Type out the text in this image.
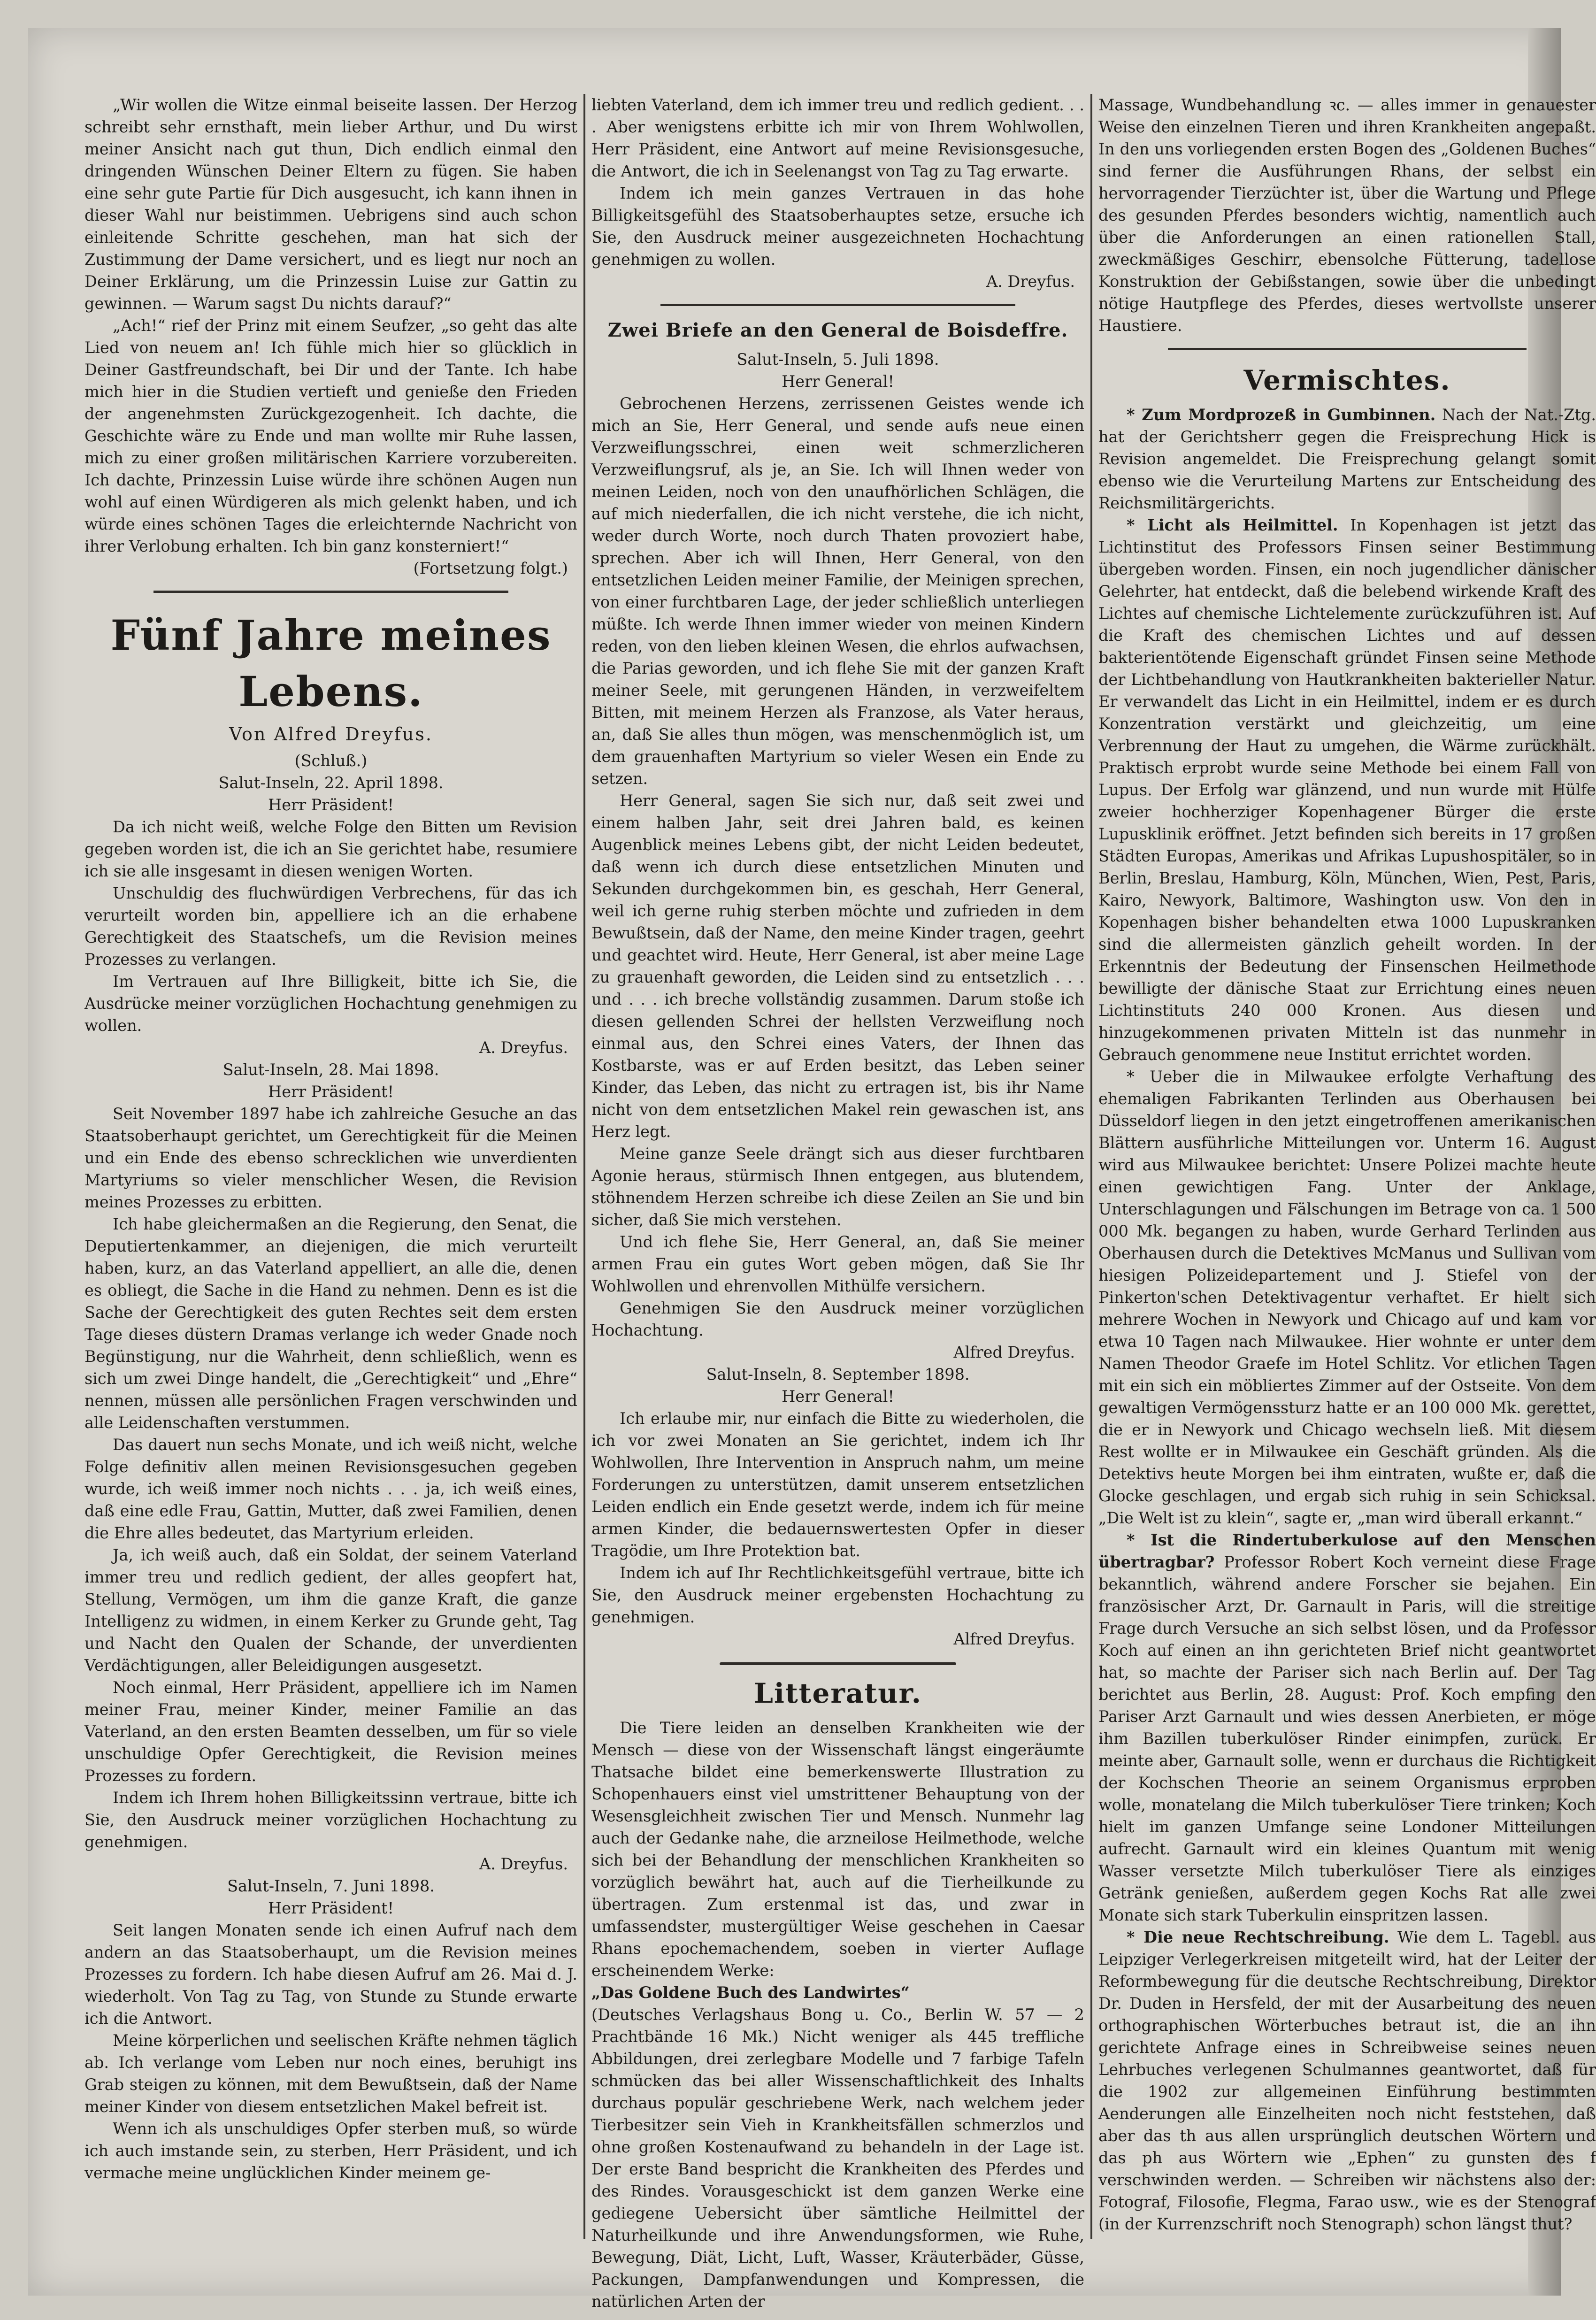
„Wir wollen die Witze einmal beiseite lassen. Der Herzog schreibt sehr ernsthaft, mein lieber Arthur, und Du wirst meiner Ansicht nach gut thun, Dich endlich einmal den dringenden Wünschen Deiner Eltern zu fügen. Sie haben eine sehr gute Partie für Dich ausgesucht, ich kann ihnen in dieser Wahl nur beistimmen. Uebrigens sind auch schon einleitende Schritte geschehen, man hat sich der Zustimmung der Dame versichert, und es liegt nur noch an Deiner Erklärung, um die Prinzessin Luise zur Gattin zu gewinnen. — Warum sagst Du nichts darauf?“

„Ach!“ rief der Prinz mit einem Seufzer, „so geht das alte Lied von neuem an! Ich fühle mich hier so glücklich in Deiner Gastfreundschaft, bei Dir und der Tante. Ich habe mich hier in die Studien vertieft und genieße den Frieden der angenehmsten Zurückgezogenheit. Ich dachte, die Geschichte wäre zu Ende und man wollte mir Ruhe lassen, mich zu einer großen militärischen Karriere vorzubereiten. Ich dachte, Prinzessin Luise würde ihre schönen Augen nun wohl auf einen Würdigeren als mich gelenkt haben, und ich würde eines schönen Tages die erleichternde Nachricht von ihrer Verlobung erhalten. Ich bin ganz konsterniert!“

(Fortsetzung folgt.)

Fünf Jahre meines Lebens.
Von Alfred Dreyfus.

(Schluß.)

Salut-Inseln, 22. April 1898.

Herr Präsident!

Da ich nicht weiß, welche Folge den Bitten um Revision gegeben worden ist, die ich an Sie gerichtet habe, resumiere ich sie alle insgesamt in diesen wenigen Worten.

Unschuldig des fluchwürdigen Verbrechens, für das ich verurteilt worden bin, appelliere ich an die erhabene Gerechtigkeit des Staatschefs, um die Revision meines Prozesses zu verlangen.

Im Vertrauen auf Ihre Billigkeit, bitte ich Sie, die Ausdrücke meiner vorzüglichen Hochachtung genehmigen zu wollen.

A. Dreyfus.

Salut-Inseln, 28. Mai 1898.

Herr Präsident!

Seit November 1897 habe ich zahlreiche Gesuche an das Staatsoberhaupt gerichtet, um Gerechtigkeit für die Meinen und ein Ende des ebenso schrecklichen wie unverdienten Martyriums so vieler menschlicher Wesen, die Revision meines Prozesses zu erbitten.

Ich habe gleichermaßen an die Regierung, den Senat, die Deputiertenkammer, an diejenigen, die mich verurteilt haben, kurz, an das Vaterland appelliert, an alle die, denen es obliegt, die Sache in die Hand zu nehmen. Denn es ist die Sache der Gerechtigkeit des guten Rechtes seit dem ersten Tage dieses düstern Dramas verlange ich weder Gnade noch Begünstigung, nur die Wahrheit, denn schließlich, wenn es sich um zwei Dinge handelt, die „Gerechtigkeit“ und „Ehre“ nennen, müssen alle persönlichen Fragen verschwinden und alle Leidenschaften verstummen.

Das dauert nun sechs Monate, und ich weiß nicht, welche Folge definitiv allen meinen Revisionsgesuchen gegeben wurde, ich weiß immer noch nichts . . . ja, ich weiß eines, daß eine edle Frau, Gattin, Mutter, daß zwei Familien, denen die Ehre alles bedeutet, das Martyrium erleiden.

Ja, ich weiß auch, daß ein Soldat, der seinem Vaterland immer treu und redlich gedient, der alles geopfert hat, Stellung, Vermögen, um ihm die ganze Kraft, die ganze Intelligenz zu widmen, in einem Kerker zu Grunde geht, Tag und Nacht den Qualen der Schande, der unverdienten Verdächtigungen, aller Beleidigungen ausgesetzt.

Noch einmal, Herr Präsident, appelliere ich im Namen meiner Frau, meiner Kinder, meiner Familie an das Vaterland, an den ersten Beamten desselben, um für so viele unschuldige Opfer Gerechtigkeit, die Revision meines Prozesses zu fordern.

Indem ich Ihrem hohen Billigkeitssinn vertraue, bitte ich Sie, den Ausdruck meiner vorzüglichen Hochachtung zu genehmigen.

A. Dreyfus.

Salut-Inseln, 7. Juni 1898.

Herr Präsident!

Seit langen Monaten sende ich einen Aufruf nach dem andern an das Staatsoberhaupt, um die Revision meines Prozesses zu fordern. Ich habe diesen Aufruf am 26. Mai d. J. wiederholt. Von Tag zu Tag, von Stunde zu Stunde erwarte ich die Antwort.

Meine körperlichen und seelischen Kräfte nehmen täglich ab. Ich verlange vom Leben nur noch eines, beruhigt ins Grab steigen zu können, mit dem Bewußtsein, daß der Name meiner Kinder von diesem entsetzlichen Makel befreit ist.

Wenn ich als unschuldiges Opfer sterben muß, so würde ich auch imstande sein, zu sterben, Herr Präsident, und ich vermache meine unglücklichen Kinder meinem ge-

liebten Vaterland, dem ich immer treu und redlich gedient. . . . Aber wenigstens erbitte ich mir von Ihrem Wohlwollen, Herr Präsident, eine Antwort auf meine Revisionsgesuche, die Antwort, die ich in Seelenangst von Tag zu Tag erwarte.

Indem ich mein ganzes Vertrauen in das hohe Billigkeitsgefühl des Staatsoberhauptes setze, ersuche ich Sie, den Ausdruck meiner ausgezeichneten Hochachtung genehmigen zu wollen.

A. Dreyfus.

Zwei Briefe an den General de Boisdeffre.

Salut-Inseln, 5. Juli 1898.

Herr General!

Gebrochenen Herzens, zerrissenen Geistes wende ich mich an Sie, Herr General, und sende aufs neue einen Verzweiflungsschrei, einen weit schmerzlicheren Verzweiflungsruf, als je, an Sie. Ich will Ihnen weder von meinen Leiden, noch von den unaufhörlichen Schlägen, die auf mich niederfallen, die ich nicht verstehe, die ich nicht, weder durch Worte, noch durch Thaten provoziert habe, sprechen. Aber ich will Ihnen, Herr General, von den entsetzlichen Leiden meiner Familie, der Meinigen sprechen, von einer furchtbaren Lage, der jeder schließlich unterliegen müßte. Ich werde Ihnen immer wieder von meinen Kindern reden, von den lieben kleinen Wesen, die ehrlos aufwachsen, die Parias geworden, und ich flehe Sie mit der ganzen Kraft meiner Seele, mit gerungenen Händen, in verzweifeltem Bitten, mit meinem Herzen als Franzose, als Vater heraus, an, daß Sie alles thun mögen, was menschenmöglich ist, um dem grauenhaften Martyrium so vieler Wesen ein Ende zu setzen.

Herr General, sagen Sie sich nur, daß seit zwei und einem halben Jahr, seit drei Jahren bald, es keinen Augenblick meines Lebens gibt, der nicht Leiden bedeutet, daß wenn ich durch diese entsetzlichen Minuten und Sekunden durchgekommen bin, es geschah, Herr General, weil ich gerne ruhig sterben möchte und zufrieden in dem Bewußtsein, daß der Name, den meine Kinder tragen, geehrt und geachtet wird. Heute, Herr General, ist aber meine Lage zu grauenhaft geworden, die Leiden sind zu entsetzlich . . . und . . . ich breche vollständig zusammen. Darum stoße ich diesen gellenden Schrei der hellsten Verzweiflung noch einmal aus, den Schrei eines Vaters, der Ihnen das Kostbarste, was er auf Erden besitzt, das Leben seiner Kinder, das Leben, das nicht zu ertragen ist, bis ihr Name nicht von dem entsetzlichen Makel rein gewaschen ist, ans Herz legt.

Meine ganze Seele drängt sich aus dieser furchtbaren Agonie heraus, stürmisch Ihnen entgegen, aus blutendem, stöhnendem Herzen schreibe ich diese Zeilen an Sie und bin sicher, daß Sie mich verstehen.

Und ich flehe Sie, Herr General, an, daß Sie meiner armen Frau ein gutes Wort geben mögen, daß Sie Ihr Wohlwollen und ehrenvollen Mithülfe versichern.

Genehmigen Sie den Ausdruck meiner vorzüglichen Hochachtung.

Alfred Dreyfus.

Salut-Inseln, 8. September 1898.

Herr General!

Ich erlaube mir, nur einfach die Bitte zu wiederholen, die ich vor zwei Monaten an Sie gerichtet, indem ich Ihr Wohlwollen, Ihre Intervention in Anspruch nahm, um meine Forderungen zu unterstützen, damit unserem entsetzlichen Leiden endlich ein Ende gesetzt werde, indem ich für meine armen Kinder, die bedauernswertesten Opfer in dieser Tragödie, um Ihre Protektion bat.

Indem ich auf Ihr Rechtlichkeitsgefühl vertraue, bitte ich Sie, den Ausdruck meiner ergebensten Hochachtung zu genehmigen.

Alfred Dreyfus.

Litteratur.

Die Tiere leiden an denselben Krankheiten wie der Mensch — diese von der Wissenschaft längst eingeräumte Thatsache bildet eine bemerkenswerte Illustration zu Schopenhauers einst viel umstrittener Behauptung von der Wesensgleichheit zwischen Tier und Mensch. Nunmehr lag auch der Gedanke nahe, die arzneilose Heilmethode, welche sich bei der Behandlung der menschlichen Krankheiten so vorzüglich bewährt hat, auch auf die Tierheilkunde zu übertragen. Zum erstenmal ist das, und zwar in umfassendster, mustergültiger Weise geschehen in Caesar Rhans epochemachendem, soeben in vierter Auflage erscheinendem Werke:

„Das Goldene Buch des Landwirtes“

(Deutsches Verlagshaus Bong u. Co., Berlin W. 57 — 2 Prachtbände 16 Mk.) Nicht weniger als 445 treffliche Abbildungen, drei zerlegbare Modelle und 7 farbige Tafeln schmücken das bei aller Wissenschaftlichkeit des Inhalts durchaus populär geschriebene Werk, nach welchem jeder Tierbesitzer sein Vieh in Krankheitsfällen schmerzlos und ohne großen Kostenaufwand zu behandeln in der Lage ist. Der erste Band bespricht die Krankheiten des Pferdes und des Rindes. Vorausgeschickt ist dem ganzen Werke eine gediegene Uebersicht über sämtliche Heilmittel der Naturheilkunde und ihre Anwendungsformen, wie Ruhe, Bewegung, Diät, Licht, Luft, Wasser, Kräuterbäder, Güsse, Packungen, Dampfanwendungen und Kompressen, die natürlichen Arten der

Massage, Wundbehandlung ꝛc. — alles immer in genauester Weise den einzelnen Tieren und ihren Krankheiten angepaßt. In den uns vorliegenden ersten Bogen des „Goldenen Buches“ sind ferner die Ausführungen Rhans, der selbst ein hervorragender Tierzüchter ist, über die Wartung und Pflege des gesunden Pferdes besonders wichtig, namentlich auch über die Anforderungen an einen rationellen Stall, zweckmäßiges Geschirr, ebensolche Fütterung, tadellose Konstruktion der Gebißstangen, sowie über die unbedingt nötige Hautpflege des Pferdes, dieses wertvollste unserer Haustiere.

Vermischtes.

* Zum Mordprozeß in Gumbinnen. Nach der Nat.-Ztg. hat der Gerichtsherr gegen die Freisprechung Hick is Revision angemeldet. Die Freisprechung gelangt somit ebenso wie die Verurteilung Martens zur Entscheidung des Reichsmilitärgerichts.

* Licht als Heilmittel. In Kopenhagen ist jetzt das Lichtinstitut des Professors Finsen seiner Bestimmung übergeben worden. Finsen, ein noch jugendlicher dänischer Gelehrter, hat entdeckt, daß die belebend wirkende Kraft des Lichtes auf chemische Lichtelemente zurückzuführen ist. Auf die Kraft des chemischen Lichtes und auf dessen bakterientötende Eigenschaft gründet Finsen seine Methode der Lichtbehandlung von Hautkrankheiten bakterieller Natur. Er verwandelt das Licht in ein Heilmittel, indem er es durch Konzentration verstärkt und gleichzeitig, um eine Verbrennung der Haut zu umgehen, die Wärme zurückhält. Praktisch erprobt wurde seine Methode bei einem Fall von Lupus. Der Erfolg war glänzend, und nun wurde mit Hülfe zweier hochherziger Kopenhagener Bürger die erste Lupusklinik eröffnet. Jetzt befinden sich bereits in 17 großen Städten Europas, Amerikas und Afrikas Lupushospitäler, so in Berlin, Breslau, Hamburg, Köln, München, Wien, Pest, Paris, Kairo, Newyork, Baltimore, Washington usw. Von den in Kopenhagen bisher behandelten etwa 1000 Lupuskranken sind die allermeisten gänzlich geheilt worden. In der Erkenntnis der Bedeutung der Finsenschen Heilmethode bewilligte der dänische Staat zur Errichtung eines neuen Lichtinstituts 240 000 Kronen. Aus diesen und hinzugekommenen privaten Mitteln ist das nunmehr in Gebrauch genommene neue Institut errichtet worden.

* Ueber die in Milwaukee erfolgte Verhaftung des ehemaligen Fabrikanten Terlinden aus Oberhausen bei Düsseldorf liegen in den jetzt eingetroffenen amerikanischen Blättern ausführliche Mitteilungen vor. Unterm 16. August wird aus Milwaukee berichtet: Unsere Polizei machte heute einen gewichtigen Fang. Unter der Anklage, Unterschlagungen und Fälschungen im Betrage von ca. 1 500 000 Mk. begangen zu haben, wurde Gerhard Terlinden aus Oberhausen durch die Detektives McManus und Sullivan vom hiesigen Polizeidepartement und J. Stiefel von der Pinkerton'schen Detektivagentur verhaftet. Er hielt sich mehrere Wochen in Newyork und Chicago auf und kam vor etwa 10 Tagen nach Milwaukee. Hier wohnte er unter dem Namen Theodor Graefe im Hotel Schlitz. Vor etlichen Tagen mit ein sich ein möbliertes Zimmer auf der Ostseite. Von dem gewaltigen Vermögenssturz hatte er an 100 000 Mk. gerettet, die er in Newyork und Chicago wechseln ließ. Mit diesem Rest wollte er in Milwaukee ein Geschäft gründen. Als die Detektivs heute Morgen bei ihm eintraten, wußte er, daß die Glocke geschlagen, und ergab sich ruhig in sein Schicksal. „Die Welt ist zu klein“, sagte er, „man wird überall erkannt.“

* Ist die Rindertuberkulose auf den Menschen übertragbar? Professor Robert Koch verneint diese Frage bekanntlich, während andere Forscher sie bejahen. Ein französischer Arzt, Dr. Garnault in Paris, will die streitige Frage durch Versuche an sich selbst lösen, und da Professor Koch auf einen an ihn gerichteten Brief nicht geantwortet hat, so machte der Pariser sich nach Berlin auf. Der Tag berichtet aus Berlin, 28. August: Prof. Koch empfing den Pariser Arzt Garnault und wies dessen Anerbieten, er möge ihm Bazillen tuberkulöser Rinder einimpfen, zurück. Er meinte aber, Garnault solle, wenn er durchaus die Richtigkeit der Kochschen Theorie an seinem Organismus erproben wolle, monatelang die Milch tuberkulöser Tiere trinken; Koch hielt im ganzen Umfange seine Londoner Mitteilungen aufrecht. Garnault wird ein kleines Quantum mit wenig Wasser versetzte Milch tuberkulöser Tiere als einziges Getränk genießen, außerdem gegen Kochs Rat alle zwei Monate sich stark Tuberkulin einspritzen lassen.

* Die neue Rechtschreibung. Wie dem L. Tagebl. aus Leipziger Verlegerkreisen mitgeteilt wird, hat der Leiter der Reformbewegung für die deutsche Rechtschreibung, Direktor Dr. Duden in Hersfeld, der mit der Ausarbeitung des neuen orthographischen Wörterbuches betraut ist, die an ihn gerichtete Anfrage eines in Schreibweise seines neuen Lehrbuches verlegenen Schulmannes geantwortet, daß für die 1902 zur allgemeinen Einführung bestimmten Aenderungen alle Einzelheiten noch nicht feststehen, daß aber das th aus allen ursprünglich deutschen Wörtern und das ph aus Wörtern wie „Ephen“ zu gunsten des f verschwinden werden. — Schreiben wir nächstens also der: Fotograf, Filosofie, Flegma, Farao usw., wie es der Stenograf (in der Kurrenzschrift noch Stenograph) schon längst thut?
